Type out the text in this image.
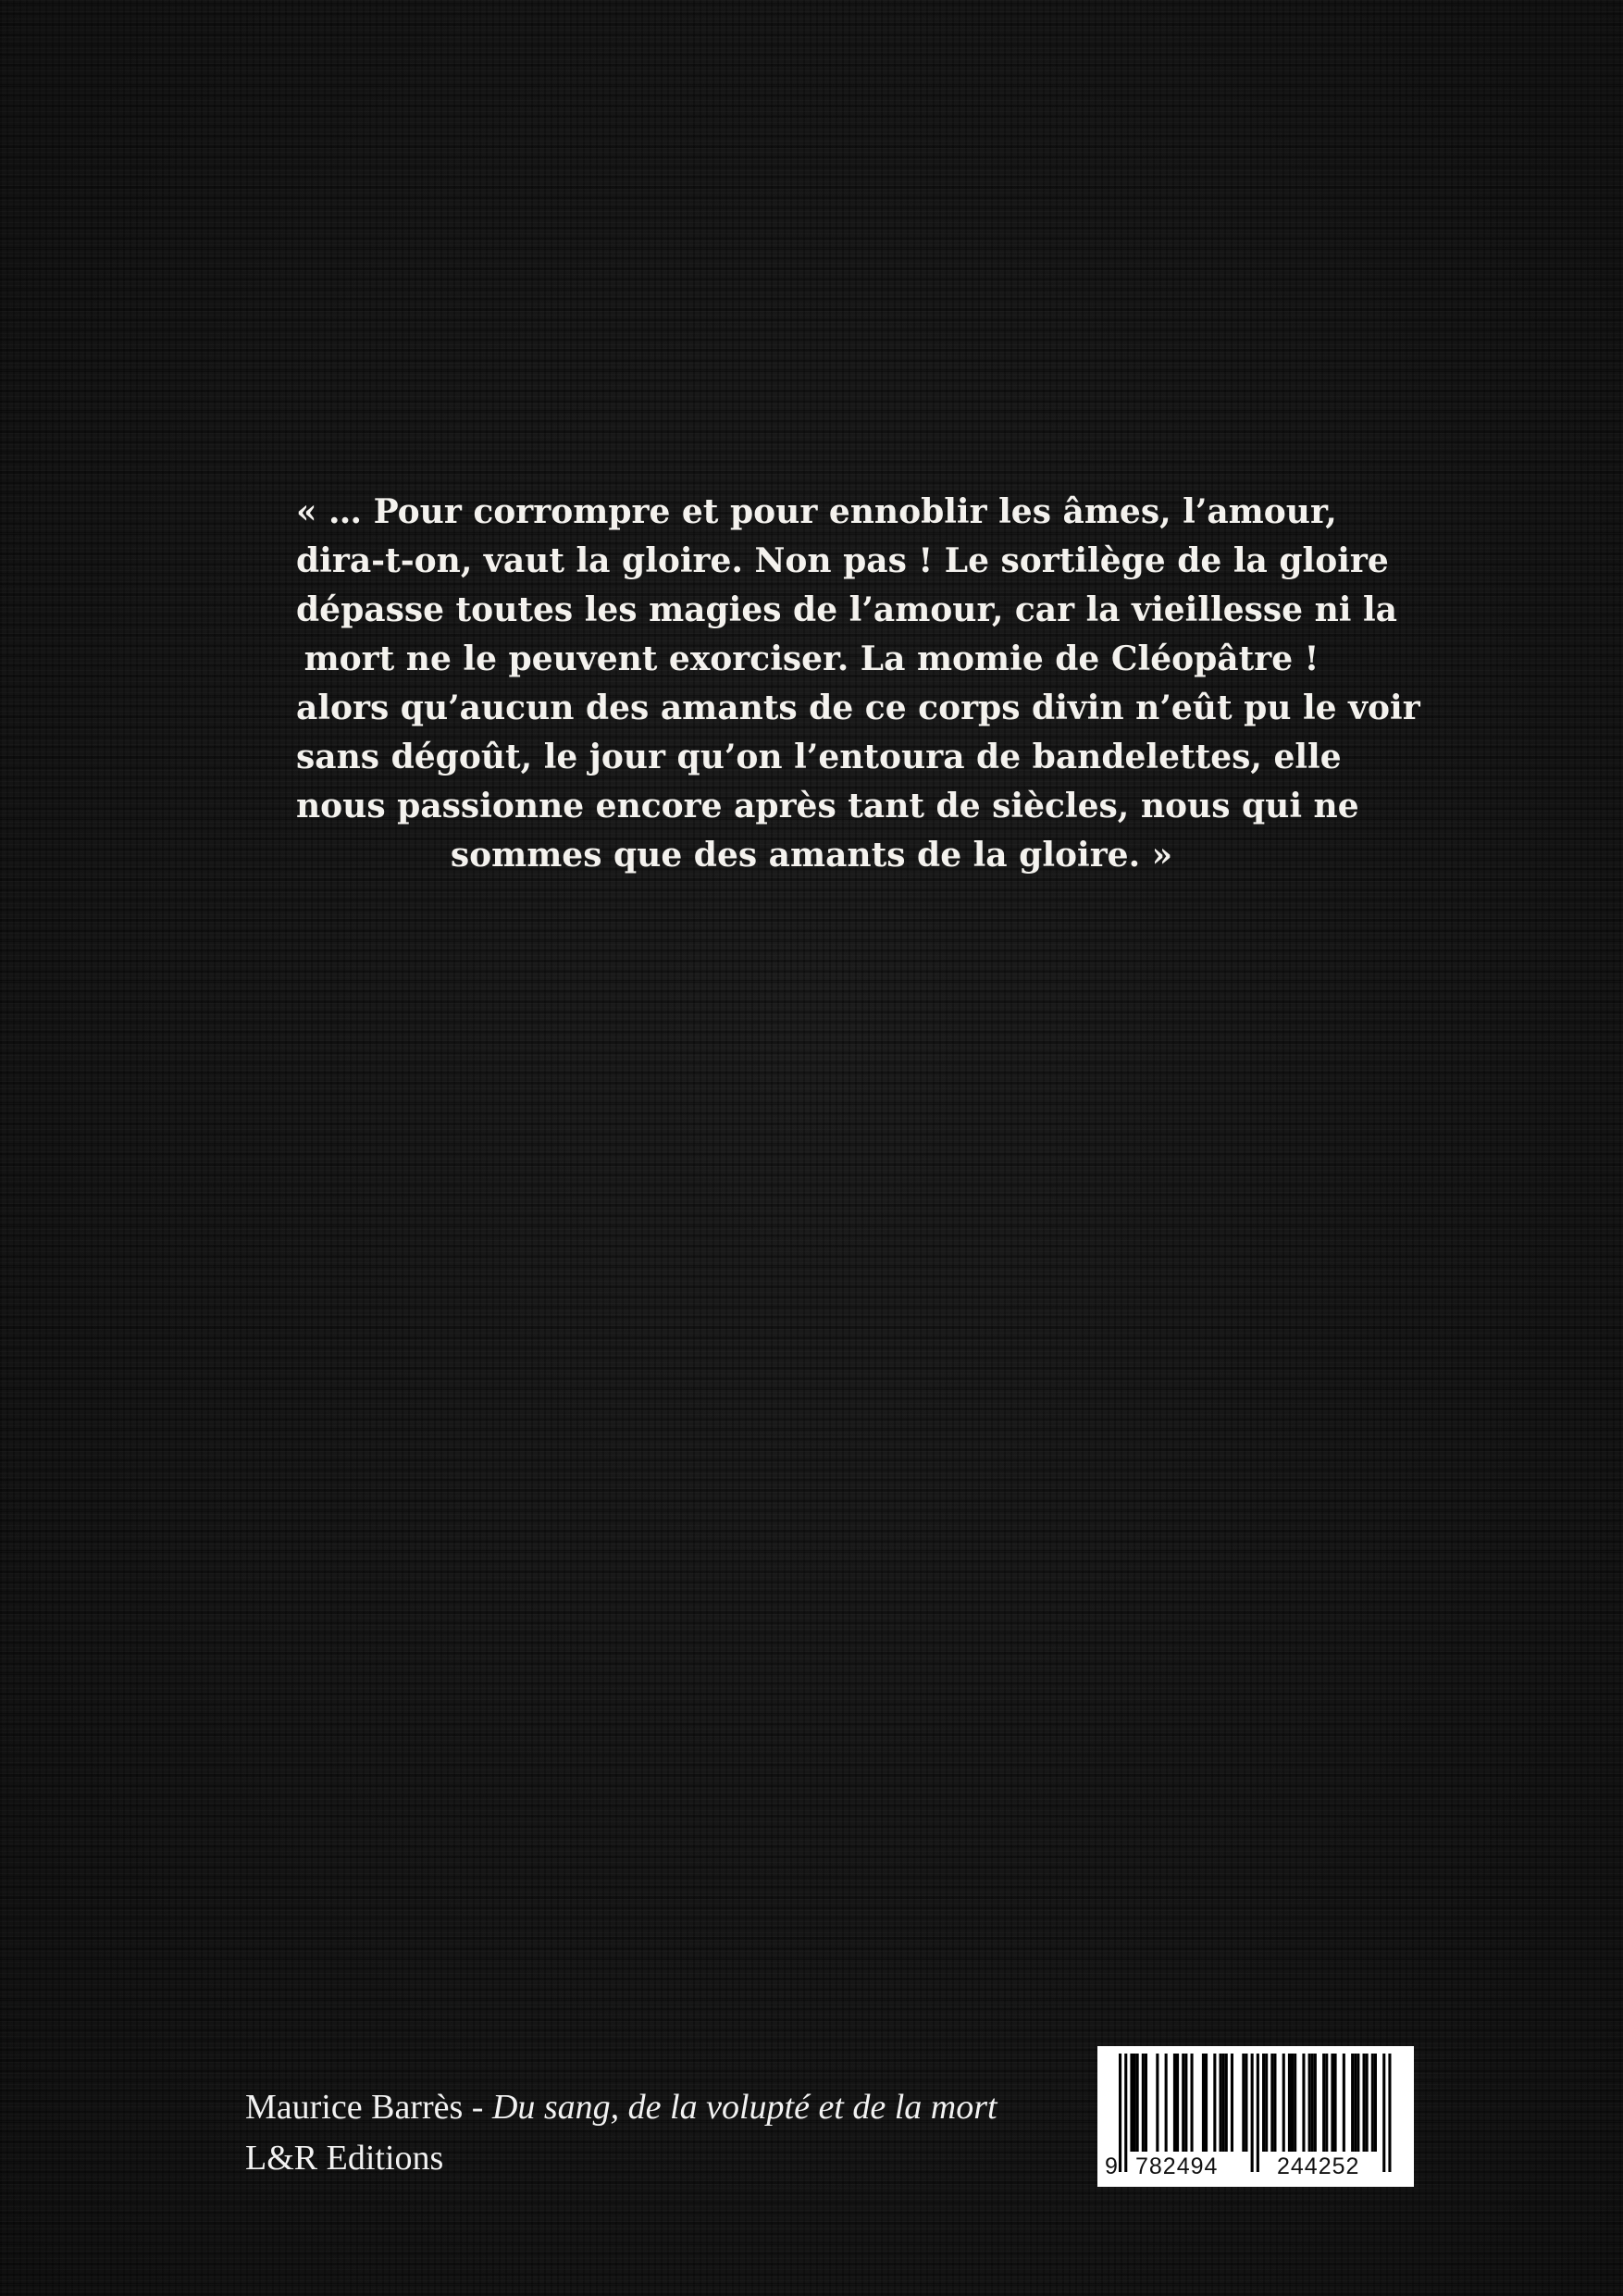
« … Pour corrompre et pour ennoblir les âmes, l’amour,
dira-t-on, vaut la gloire. Non pas ! Le sortilège de la gloire
dépasse toutes les magies de l’amour, car la vieillesse ni la
mort ne le peuvent exorciser. La momie de Cléopâtre !
alors qu’aucun des amants de ce corps divin n’eût pu le voir
sans dégoût, le jour qu’on l’entoura de bandelettes, elle
nous passionne encore après tant de siècles, nous qui ne
sommes que des amants de la gloire. »

Maurice Barrès - Du sang, de la volupté et de la mort
L&R Editions	9 782494	244252
